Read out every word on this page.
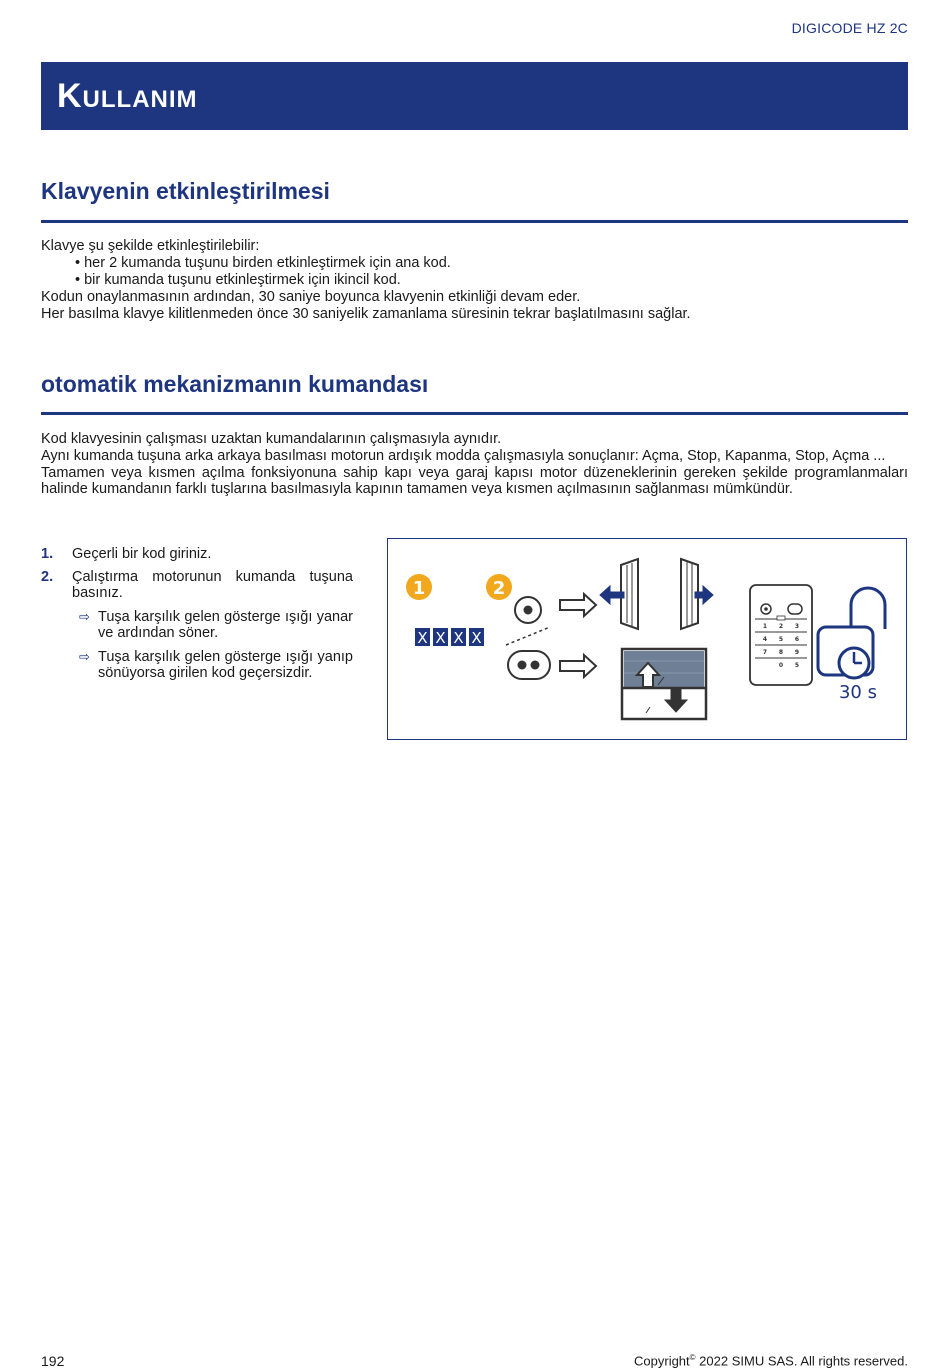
DIGICODE HZ 2C
Kullanım
Klavyenin etkinleştirilmesi

Klavye şu şekilde etkinleştirilebilir:

• her 2 kumanda tuşunu birden etkinleştirmek için ana kod.

• bir kumanda tuşunu etkinleştirmek için ikincil kod.

Kodun onaylanmasının ardından, 30 saniye boyunca klavyenin etkinliği devam eder.

Her basılma klavye kilitlenmeden önce 30 saniyelik zamanlama süresinin tekrar başlatılmasını sağlar.

otomatik mekanizmanın kumandası

Kod klavyesinin çalışması uzaktan kumandalarının çalışmasıyla aynıdır.

Aynı kumanda tuşuna arka arkaya basılması motorun ardışık modda çalışmasıyla sonuçlanır: Açma, Stop, Kapanma, Stop, Açma ...

Tamamen veya kısmen açılma fonksiyonuna sahip kapı veya garaj kapısı motor düzeneklerinin gereken şekilde programlanmaları halinde kumandanın farklı tuşlarına basılmasıyla kapının tamamen veya kısmen açılmasının sağlanması mümkündür.

1. Geçerli bir kod giriniz.
2. Çalıştırma motorunun kumanda tuşuna basınız.
⇨ Tuşa karşılık gelen gösterge ışığı yanar ve ardından söner.
⇨ Tuşa karşılık gelen gösterge ışığı yanıp sönüyorsa girilen kod geçersizdir.
1	2
X X X X
1 2 3
4 5 6
7 8 9
0 5
30 s
192	Copyright© 2022 SIMU SAS. All rights reserved.
